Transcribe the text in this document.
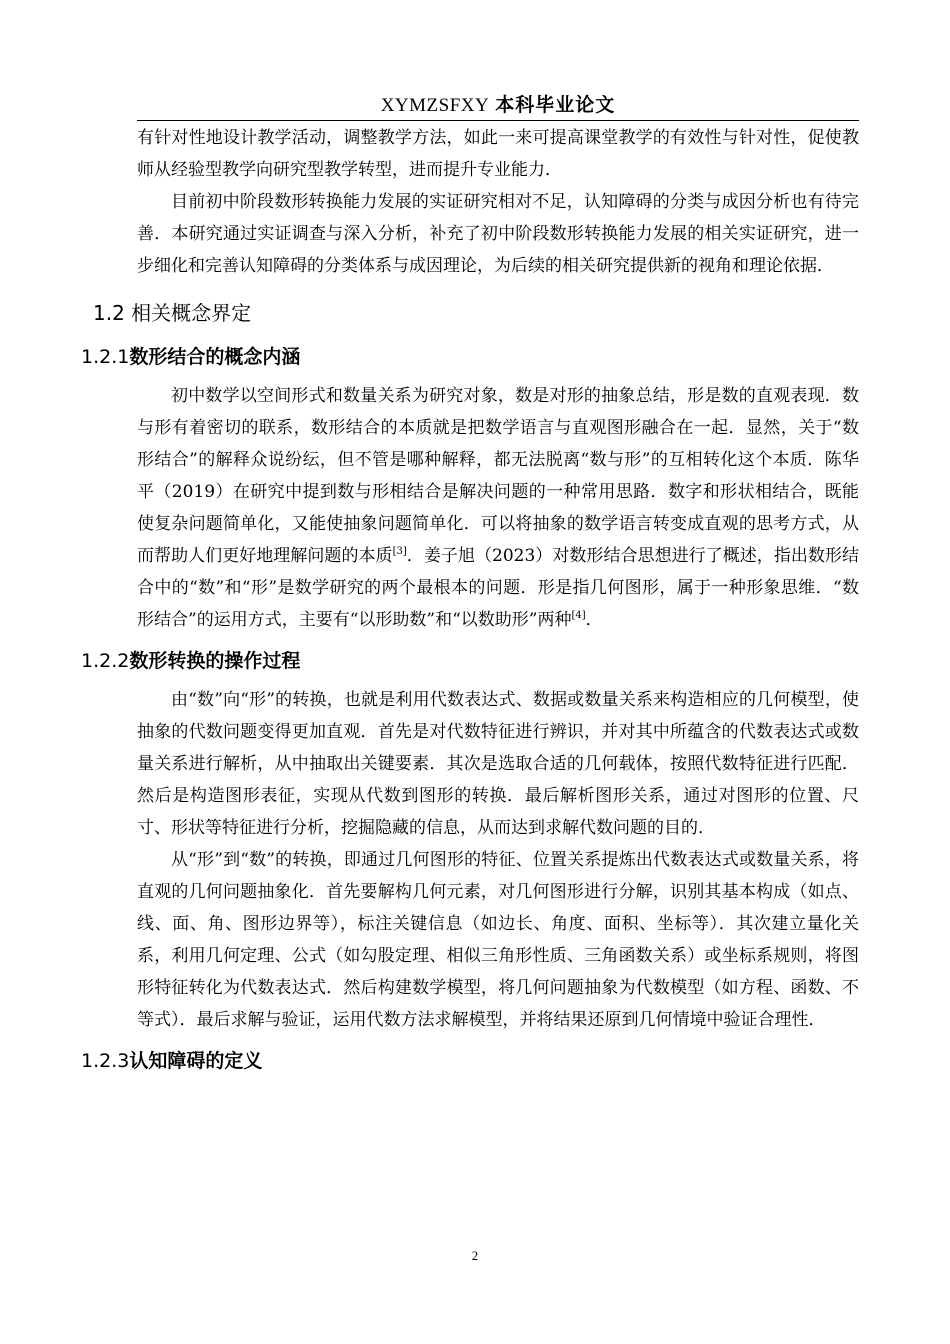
XYMZSFXY 本科毕业论文

有针对性地设计教学活动，调整教学方法，如此一来可提高课堂教学的有效性与针对性，促使教师从经验型教学向研究型教学转型，进而提升专业能力．

目前初中阶段数形转换能力发展的实证研究相对不足，认知障碍的分类与成因分析也有待完善．本研究通过实证调查与深入分析，补充了初中阶段数形转换能力发展的相关实证研究，进一步细化和完善认知障碍的分类体系与成因理论，为后续的相关研究提供新的视角和理论依据．

1.2 相关概念界定
1.2.1数形结合的概念内涵

初中数学以空间形式和数量关系为研究对象，数是对形的抽象总结，形是数的直观表现．数与形有着密切的联系，数形结合的本质就是把数学语言与直观图形融合在一起．显然，关于“数形结合”的解释众说纷纭，但不管是哪种解释，都无法脱离“数与形”的互相转化这个本质．陈华平（2019）在研究中提到数与形相结合是解决问题的一种常用思路．数字和形状相结合，既能使复杂问题简单化，又能使抽象问题简单化．可以将抽象的数学语言转变成直观的思考方式，从而帮助人们更好地理解问题的本质[3]．姜子旭（2023）对数形结合思想进行了概述，指出数形结合中的“数”和“形”是数学研究的两个最根本的问题．形是指几何图形，属于一种形象思维．“数形结合”的运用方式，主要有“以形助数”和“以数助形”两种[4]．

1.2.2数形转换的操作过程

由“数”向“形”的转换，也就是利用代数表达式、数据或数量关系来构造相应的几何模型，使抽象的代数问题变得更加直观．首先是对代数特征进行辨识，并对其中所蕴含的代数表达式或数量关系进行解析，从中抽取出关键要素．其次是选取合适的几何载体，按照代数特征进行匹配．然后是构造图形表征，实现从代数到图形的转换．最后解析图形关系，通过对图形的位置、尺寸、形状等特征进行分析，挖掘隐藏的信息，从而达到求解代数问题的目的．

从“形”到“数”的转换，即通过几何图形的特征、位置关系提炼出代数表达式或数量关系，将直观的几何问题抽象化．首先要解构几何元素，对几何图形进行分解，识别其基本构成（如点、线、面、角、图形边界等），标注关键信息（如边长、角度、面积、坐标等）．其次建立量化关系，利用几何定理、公式（如勾股定理、相似三角形性质、三角函数关系）或坐标系规则，将图形特征转化为代数表达式．然后构建数学模型，将几何问题抽象为代数模型（如方程、函数、不等式）．最后求解与验证，运用代数方法求解模型，并将结果还原到几何情境中验证合理性．

1.2.3认知障碍的定义
2
